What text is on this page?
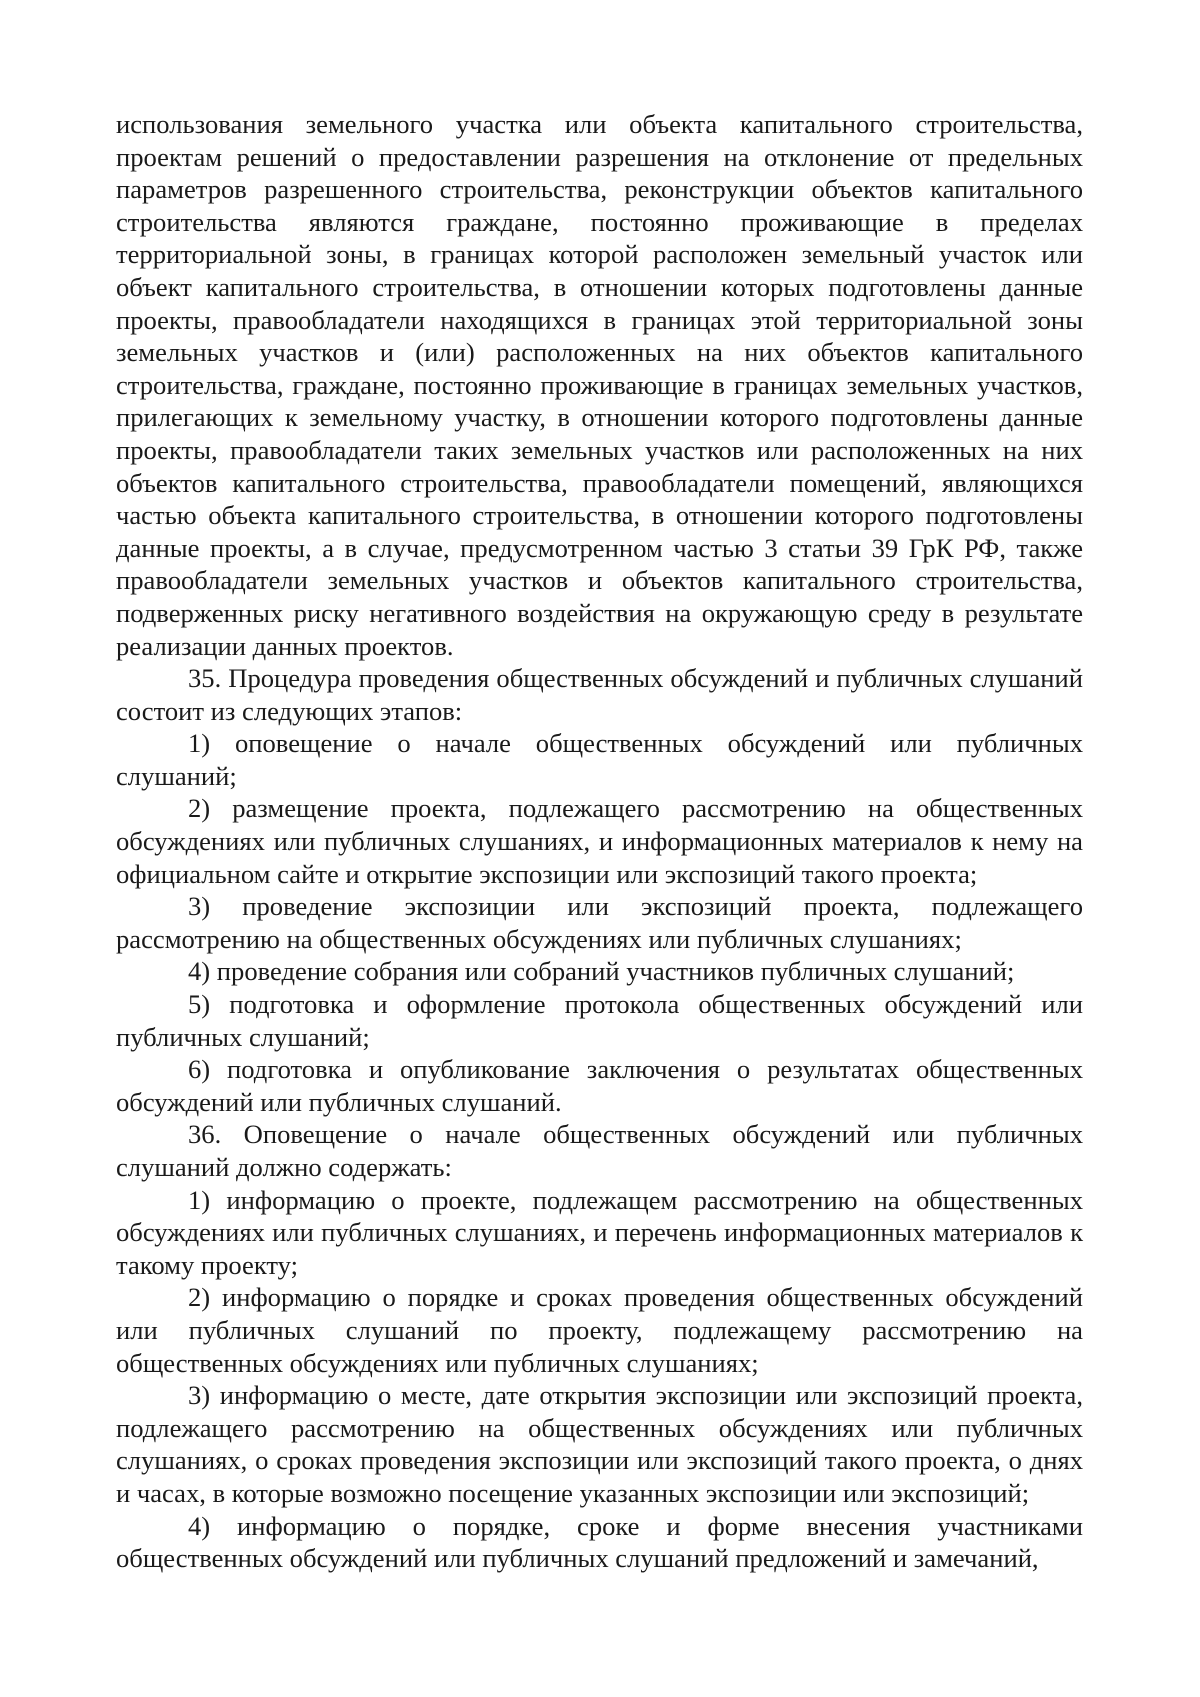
использования земельного участка или объекта капитального строительства, проектам решений о предоставлении разрешения на отклонение от предельных параметров разрешенного строительства, реконструкции объектов капитального строительства являются граждане, постоянно проживающие в пределах территориальной зоны, в границах которой расположен земельный участок или объект капитального строительства, в отношении которых подготовлены данные проекты, правообладатели находящихся в границах этой территориальной зоны земельных участков и (или) расположенных на них объектов капитального строительства, граждане, постоянно проживающие в границах земельных участков, прилегающих к земельному участку, в отношении которого подготовлены данные проекты, правообладатели таких земельных участков или расположенных на них объектов капитального строительства, правообладатели помещений, являющихся частью объекта капитального строительства, в отношении которого подготовлены данные проекты, а в случае, предусмотренном частью 3 статьи 39 ГрК РФ, также правообладатели земельных участков и объектов капитального строительства, подверженных риску негативного воздействия на окружающую среду в результате реализации данных проектов.

35. Процедура проведения общественных обсуждений и публичных слушаний состоит из следующих этапов:

1) оповещение о начале общественных обсуждений или публичных слушаний;

2) размещение проекта, подлежащего рассмотрению на общественных обсуждениях или публичных слушаниях, и информационных материалов к нему на официальном сайте и открытие экспозиции или экспозиций такого проекта;

3) проведение экспозиции или экспозиций проекта, подлежащего рассмотрению на общественных обсуждениях или публичных слушаниях;

4) проведение собрания или собраний участников публичных слушаний;

5) подготовка и оформление протокола общественных обсуждений или публичных слушаний;

6) подготовка и опубликование заключения о результатах общественных обсуждений или публичных слушаний.

36. Оповещение о начале общественных обсуждений или публичных слушаний должно содержать:

1) информацию о проекте, подлежащем рассмотрению на общественных обсуждениях или публичных слушаниях, и перечень информационных материалов к такому проекту;

2) информацию о порядке и сроках проведения общественных обсуждений или публичных слушаний по проекту, подлежащему рассмотрению на общественных обсуждениях или публичных слушаниях;

3) информацию о месте, дате открытия экспозиции или экспозиций проекта, подлежащего рассмотрению на общественных обсуждениях или публичных слушаниях, о сроках проведения экспозиции или экспозиций такого проекта, о днях и часах, в которые возможно посещение указанных экспозиции или экспозиций;

4) информацию о порядке, сроке и форме внесения участниками общественных обсуждений или публичных слушаний предложений и замечаний,
